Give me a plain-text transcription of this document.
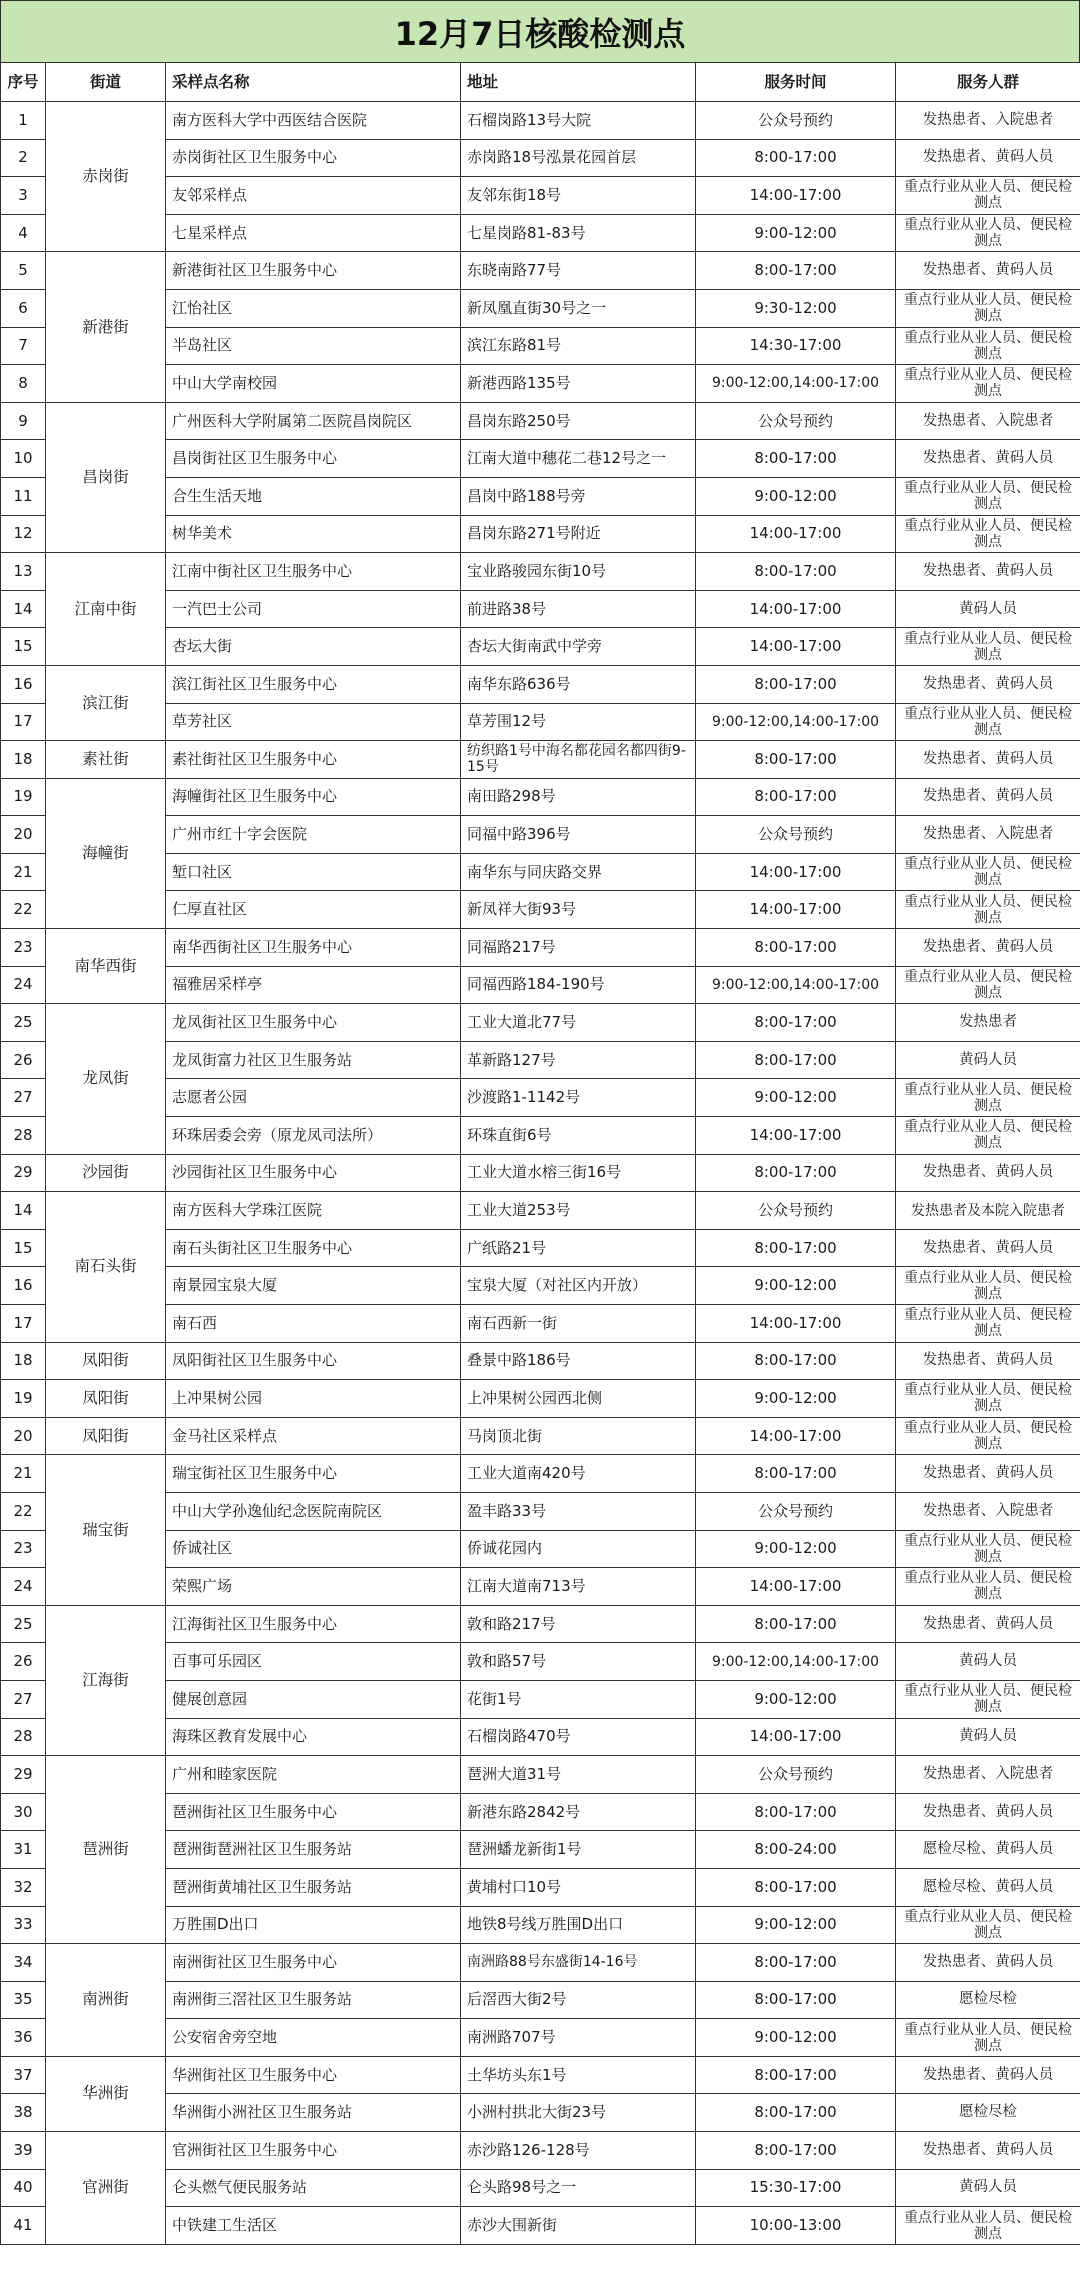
12月7日核酸检测点
序号	街道	采样点名称	地址	服务时间	服务人群
1	赤岗街	南方医科大学中西医结合医院	石榴岗路13号大院	公众号预约	发热患者、入院患者
2		赤岗街社区卫生服务中心	赤岗路18号泓景花园首层	8:00-17:00	发热患者、黄码人员
3		友邻采样点	友邻东街18号	14:00-17:00	重点行业从业人员、便民检测点
4		七星采样点	七星岗路81-83号	9:00-12:00	重点行业从业人员、便民检测点
5	新港街	新港街社区卫生服务中心	东晓南路77号	8:00-17:00	发热患者、黄码人员
6		江怡社区	新凤凰直街30号之一	9:30-12:00	重点行业从业人员、便民检测点
7		半岛社区	滨江东路81号	14:30-17:00	重点行业从业人员、便民检测点
8		中山大学南校园	新港西路135号	9:00-12:00,14:00-17:00	重点行业从业人员、便民检测点
9	昌岗街	广州医科大学附属第二医院昌岗院区	昌岗东路250号	公众号预约	发热患者、入院患者
10		昌岗街社区卫生服务中心	江南大道中穗花二巷12号之一	8:00-17:00	发热患者、黄码人员
11		合生生活天地	昌岗中路188号旁	9:00-12:00	重点行业从业人员、便民检测点
12		树华美术	昌岗东路271号附近	14:00-17:00	重点行业从业人员、便民检测点
13	江南中街	江南中街社区卫生服务中心	宝业路骏园东街10号	8:00-17:00	发热患者、黄码人员
14		一汽巴士公司	前进路38号	14:00-17:00	黄码人员
15		杏坛大街	杏坛大街南武中学旁	14:00-17:00	重点行业从业人员、便民检测点
16	滨江街	滨江街社区卫生服务中心	南华东路636号	8:00-17:00	发热患者、黄码人员
17		草芳社区	草芳围12号	9:00-12:00,14:00-17:00	重点行业从业人员、便民检测点
18	素社街	素社街社区卫生服务中心	纺织路1号中海名都花园名都四街9-15号	8:00-17:00	发热患者、黄码人员
19	海幢街	海幢街社区卫生服务中心	南田路298号	8:00-17:00	发热患者、黄码人员
20		广州市红十字会医院	同福中路396号	公众号预约	发热患者、入院患者
21		堑口社区	南华东与同庆路交界	14:00-17:00	重点行业从业人员、便民检测点
22		仁厚直社区	新凤祥大街93号	14:00-17:00	重点行业从业人员、便民检测点
23	南华西街	南华西街社区卫生服务中心	同福路217号	8:00-17:00	发热患者、黄码人员
24		福雅居采样亭	同福西路184-190号	9:00-12:00,14:00-17:00	重点行业从业人员、便民检测点
25	龙凤街	龙凤街社区卫生服务中心	工业大道北77号	8:00-17:00	发热患者
26		龙凤街富力社区卫生服务站	革新路127号	8:00-17:00	黄码人员
27		志愿者公园	沙渡路1-1142号	9:00-12:00	重点行业从业人员、便民检测点
28		环珠居委会旁（原龙凤司法所）	环珠直街6号	14:00-17:00	重点行业从业人员、便民检测点
29	沙园街	沙园街社区卫生服务中心	工业大道水榕三街16号	8:00-17:00	发热患者、黄码人员
14	南石头街	南方医科大学珠江医院	工业大道253号	公众号预约	发热患者及本院入院患者
15		南石头街社区卫生服务中心	广纸路21号	8:00-17:00	发热患者、黄码人员
16		南景园宝泉大厦	宝泉大厦（对社区内开放）	9:00-12:00	重点行业从业人员、便民检测点
17		南石西	南石西新一街	14:00-17:00	重点行业从业人员、便民检测点
18	凤阳街	凤阳街社区卫生服务中心	叠景中路186号	8:00-17:00	发热患者、黄码人员
19	凤阳街	上冲果树公园	上冲果树公园西北侧	9:00-12:00	重点行业从业人员、便民检测点
20	凤阳街	金马社区采样点	马岗顶北街	14:00-17:00	重点行业从业人员、便民检测点
21	瑞宝街	瑞宝街社区卫生服务中心	工业大道南420号	8:00-17:00	发热患者、黄码人员
22		中山大学孙逸仙纪念医院南院区	盈丰路33号	公众号预约	发热患者、入院患者
23		侨诚社区	侨诚花园内	9:00-12:00	重点行业从业人员、便民检测点
24		荣熙广场	江南大道南713号	14:00-17:00	重点行业从业人员、便民检测点
25	江海街	江海街社区卫生服务中心	敦和路217号	8:00-17:00	发热患者、黄码人员
26		百事可乐园区	敦和路57号	9:00-12:00,14:00-17:00	黄码人员
27		健展创意园	花街1号	9:00-12:00	重点行业从业人员、便民检测点
28		海珠区教育发展中心	石榴岗路470号	14:00-17:00	黄码人员
29	琶洲街	广州和睦家医院	琶洲大道31号	公众号预约	发热患者、入院患者
30		琶洲街社区卫生服务中心	新港东路2842号	8:00-17:00	发热患者、黄码人员
31		琶洲街琶洲社区卫生服务站	琶洲蟠龙新街1号	8:00-24:00	愿检尽检、黄码人员
32		琶洲街黄埔社区卫生服务站	黄埔村口10号	8:00-17:00	愿检尽检、黄码人员
33		万胜围D出口	地铁8号线万胜围D出口	9:00-12:00	重点行业从业人员、便民检测点
34	南洲街	南洲街社区卫生服务中心	南洲路88号东盛街14-16号	8:00-17:00	发热患者、黄码人员
35		南洲街三滘社区卫生服务站	后滘西大街2号	8:00-17:00	愿检尽检
36		公安宿舍旁空地	南洲路707号	9:00-12:00	重点行业从业人员、便民检测点
37	华洲街	华洲街社区卫生服务中心	土华坊头东1号	8:00-17:00	发热患者、黄码人员
38		华洲街小洲社区卫生服务站	小洲村拱北大街23号	8:00-17:00	愿检尽检
39	官洲街	官洲街社区卫生服务中心	赤沙路126-128号	8:00-17:00	发热患者、黄码人员
40		仑头燃气便民服务站	仑头路98号之一	15:30-17:00	黄码人员
41		中铁建工生活区	赤沙大围新街	10:00-13:00	重点行业从业人员、便民检测点
